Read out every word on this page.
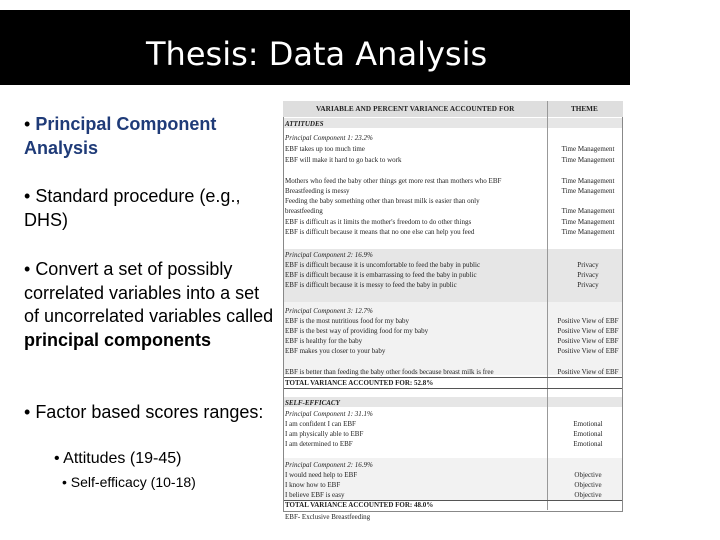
Thesis: Data Analysis

• Principal Component Analysis

• Standard procedure (e.g., DHS)

• Convert a set of possibly correlated variables into a set of uncorrelated variables called principal components

• Factor based scores ranges:

• Attitudes (19-45)
• Self-efficacy (10-18)
VARIABLE AND PERCENT VARIANCE ACCOUNTED FOR	THEME
ATTITUDES
Principal Component 1: 23.2%
EBF takes up too much time	Time Management
EBF will make it hard to go back to work	Time Management
Mothers who feed the baby other things get more rest than mothers who EBF	Time Management
Breastfeeding is messy	Time Management
Feeding the baby something other than breast milk is easier than only
breastfeeding	Time Management
EBF is difficult as it limits the mother's freedom to do other things	Time Management
EBF is difficult because it means that no one else can help you feed	Time Management
Principal Component 2: 16.9%
EBF is difficult because it is uncomfortable to feed the baby in public	Privacy
EBF is difficult because it is embarrassing to feed the baby in public	Privacy
EBF is difficult because it is messy to feed the baby in public	Privacy
Principal Component 3: 12.7%
EBF is the most nutritious food for my baby	Positive View of EBF
EBF is the best way of providing food for my baby	Positive View of EBF
EBF is healthy for the baby	Positive View of EBF
EBF makes you closer to your baby	Positive View of EBF
EBF is better than feeding the baby other foods because breast milk is free	Positive View of EBF
TOTAL VARIANCE ACCOUNTED FOR: 52.8%
SELF-EFFICACY
Principal Component 1: 31.1%
I am confident I can EBF	Emotional
I am physically able to EBF	Emotional
I am determined to EBF	Emotional
Principal Component 2: 16.9%
I would need help to EBF	Objective
I know how to EBF	Objective
I believe EBF is easy	Objective
TOTAL VARIANCE ACCOUNTED FOR: 48.0%
EBF- Exclusive Breastfeeding
